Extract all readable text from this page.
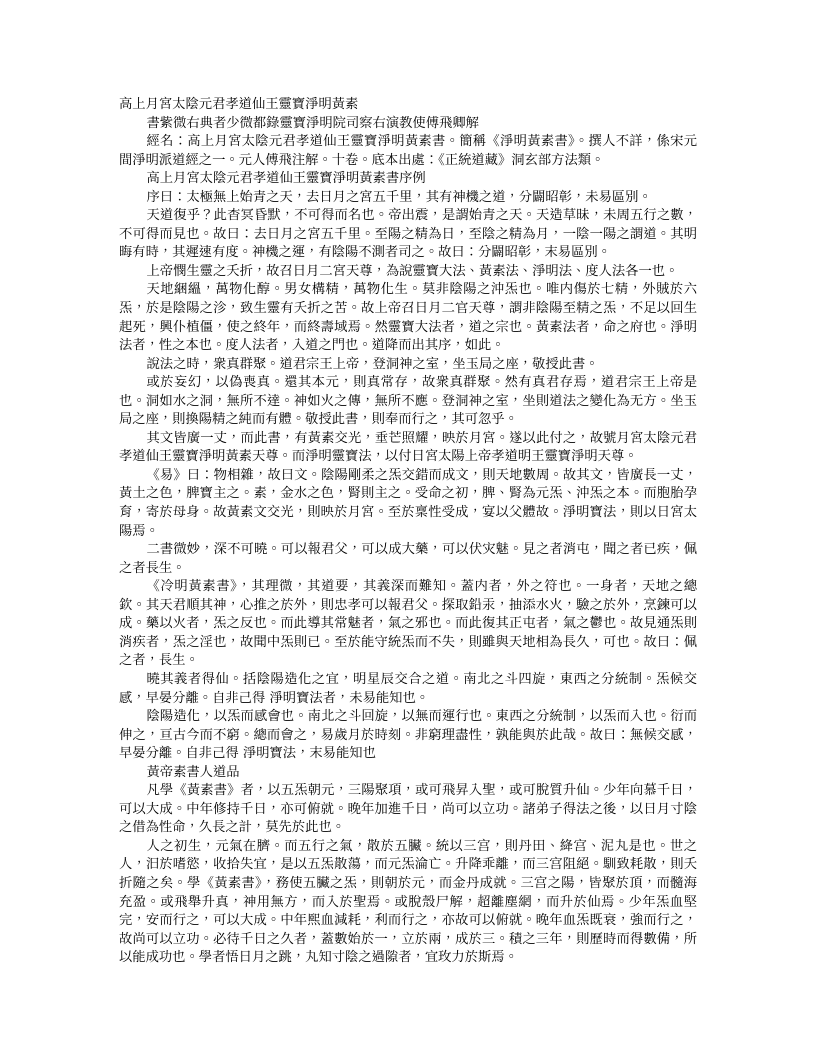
高上月宮太陰元君孝道仙王靈寶淨明黃素

書紫微右典者少微都錄靈寶淨明院司察右演教使傅飛卿解

經名：高上月宮太陰元君孝道仙王靈寶淨明黃素書。簡稱《淨明黃素書》。撰人不詳，係宋元間淨明派道經之一。元人傅飛注解。十卷。底本出處：《正統道藏》洞玄部方法類。

高上月宮太陰元君孝道仙王靈寶淨明黃素書序例

序曰：太極無上始青之天，去日月之宮五千里，其有神機之道，分闢昭彰，未易區別。

天道復乎？此杳冥昏默，不可得而名也。帝出震，是謂始青之天。天造草昧，未周五行之數，不可得而見也。故曰：去日月之宮五千里。至陽之精為日，至陰之精為月，一陰一陽之謂道。其明晦有時，其遲速有度。神機之運，有陰陽不測者司之。故曰：分闢昭彰，末易區別。

上帝憫生靈之夭折，故召日月二宮天尊，為說靈寶大法、黃素法、淨明法、度人法各一也。

天地綑縕，萬物化醇。男女構精，萬物化生。莫非陰陽之沖炁也。唯内傷於七精，外賊於六炁，於是陰陽之沴，致生靈有夭折之苦。故上帝召日月二官天尊，謂非陰陽至精之炁，不足以回生起死，興仆植僵，使之終年，而終壽域焉。然靈寶大法者，道之宗也。黃素法者，命之府也。淨明法者，性之本也。度人法者，入道之門也。道降而出其序，如此。

說法之時，衆真群聚。道君宗王上帝，登洞神之室，坐玉局之座，敬授此書。

或於妄幻，以偽喪真。還其本元，則真常存，故衆真群聚。然有真君存焉，道君宗王上帝是也。洞如水之洞，無所不達。神如火之傳，無所不應。登洞神之室，坐則道法之變化為无方。坐玉局之座，則換陽精之純而有體。敬授此書，則奉而行之，其可忽乎。

其文皆廣一丈，而此書，有黃素交光，垂芒照耀，映於月宮。遂以此付之，故號月宮太陰元君孝道仙王靈寶淨明黃素天尊。而淨明靈寶法，以付日宮太陽上帝孝道明王靈寶淨明天尊。

《易》曰：物相雜，故曰文。陰陽剛柔之炁交錯而成文，則天地數周。故其文，皆廣長一丈，黃土之色，脾寶主之。素，金水之色，腎則主之。受命之初，脾、腎為元炁、沖炁之本。而胞胎孕育，寄於母身。故黃素文交光，則映於月宮。至於稟性受成，宴以父體故。淨明寶法，則以日宮太陽焉。

二書微妙，深不可曉。可以報君父，可以成大藥，可以伏灾魅。見之者消屯，聞之者已疾，佩之者長生。

《冷明黃素書》，其理微，其道要，其義深而難知。蓋内者，外之符也。一身者，天地之總欽。其天君順其神，心推之於外，則忠孝可以報君父。探取鉛汞，抽添水火，驗之於外，烹鍊可以成。藥以火者，炁之反也。而此導其常魅者，氣之邪也。而此復其正屯者，氣之鬱也。故見通炁則消疾者，炁之淫也，故聞中炁則已。至於能守統炁而不失，則雖與天地相為長久，可也。故曰：佩之者，長生。

曉其義者得仙。括陰陽造化之宜，明星辰交合之道。南北之斗四旋，東西之分統制。炁候交感，早晏分離。自非己得 淨明寶法者，未易能知也。

陰陽造化，以炁而感會也。南北之斗回旋，以無而運行也。東西之分統制，以炁而入也。衍而伸之，亘古今而不窮。總而會之，易歲月於時刻。非窮理盡性，孰能與於此哉。故曰：無候交感，早晏分離。自非己得 淨明寶法，末易能知也

黃帝素書人道品

凡學《黃素書》者，以五炁朝元，三陽聚項，或可飛昇入聖，或可脫質升仙。少年向慕千日，可以大成。中年修持千日，亦可俯就。晚年加進千日，尚可以立功。諸弟子得法之後，以日月寸陰之借為性命，久長之計，莫先於此也。

人之初生，元氣在臍。而五行之氣，散於五臟。統以三宫，則丹田、絳宫、泥丸是也。世之人，汩於嗜慾，收拾失宜，是以五炁散蕩，而元炁淪亡。升降乖離，而三宫阻絕。馴致耗散，則夭折隨之矣。學《黃素書》，務使五臟之炁，則朝於元，而金丹成就。三宫之陽，皆聚於頂，而髓海充盈。或飛舉升真，神用無方，而入於聖焉。或脫殼尸解，超離塵網，而升於仙焉。少年炁血堅完，安而行之，可以大成。中年熙血減耗，利而行之，亦故可以俯就。晚年血炁既衰，強而行之，故尚可以立功。必待千日之久者，蓋數始於一，立於兩，成於三。積之三年，則歷時而得數備，所以能成功也。學者悟日月之跳，丸知寸陰之過隙者，宜玫力於斯焉。
